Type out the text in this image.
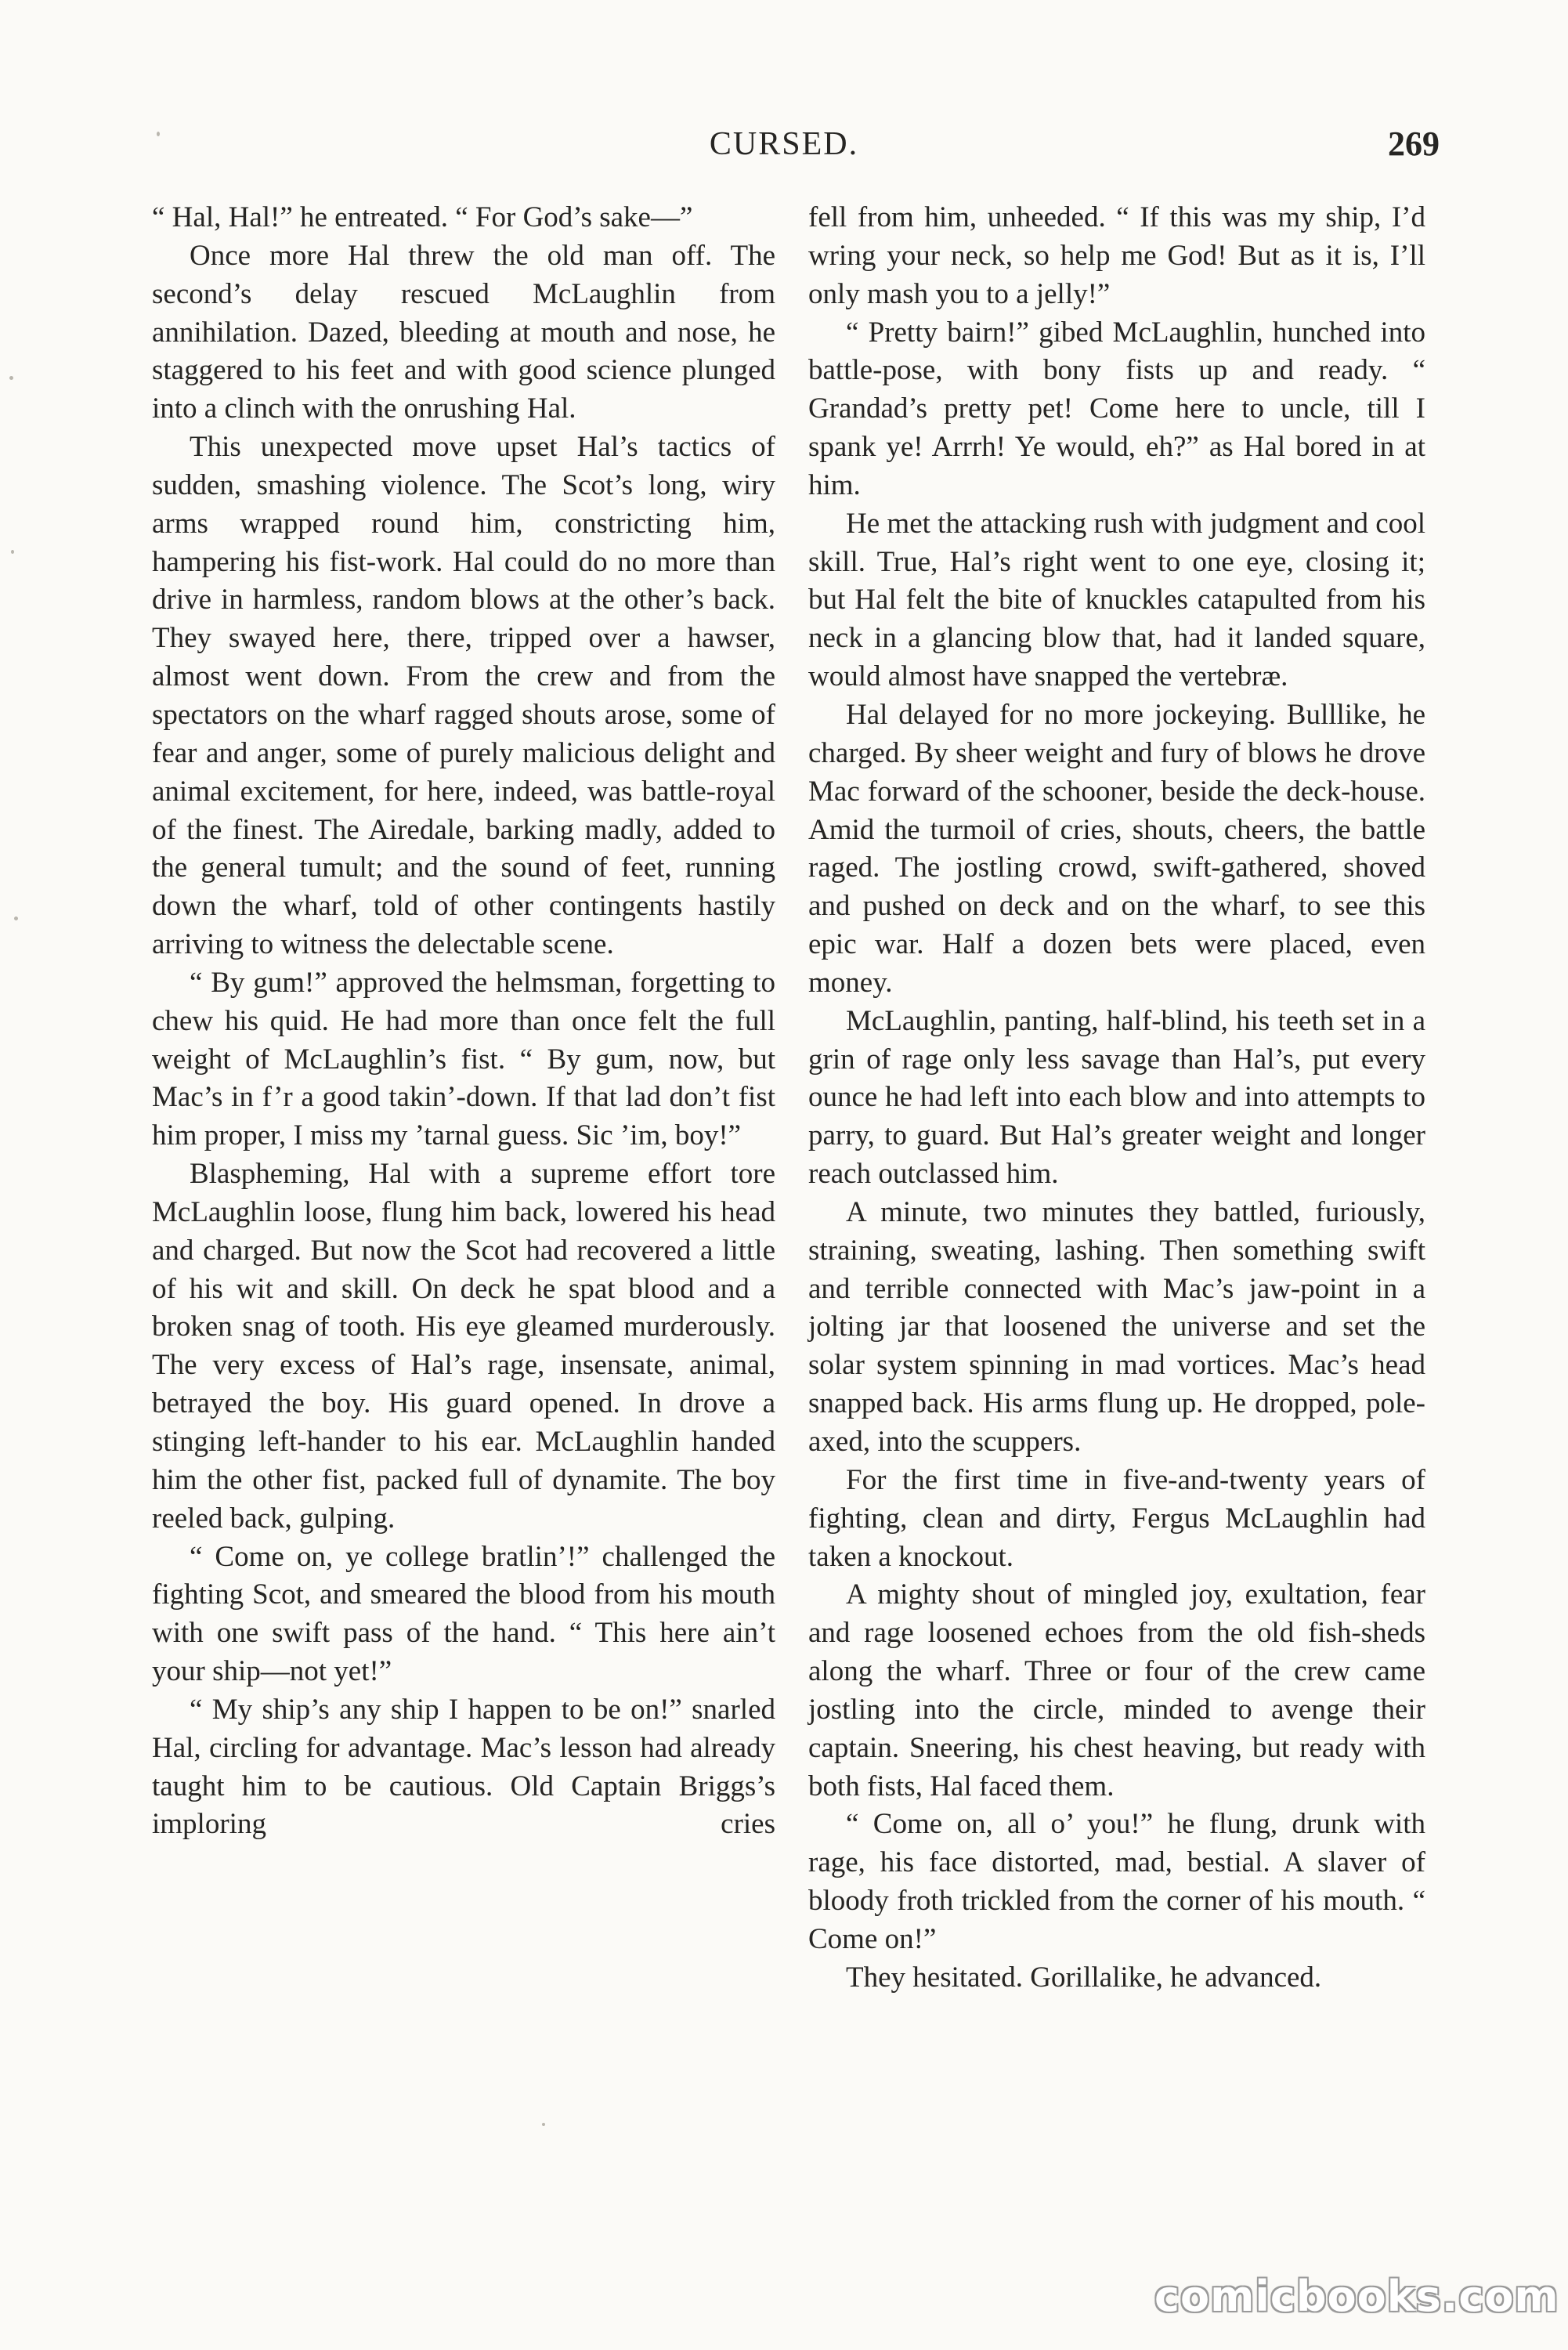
CURSED.	269

“ Hal, Hal!” he entreated. “ For God’s sake—”

Once more Hal threw the old man off. The second’s delay rescued McLaughlin from annihilation. Dazed, bleeding at mouth and nose, he staggered to his feet and with good science plunged into a clinch with the onrushing Hal.

This unexpected move upset Hal’s tactics of sudden, smashing violence. The Scot’s long, wiry arms wrapped round him, constricting him, hampering his fist-work. Hal could do no more than drive in harmless, random blows at the other’s back. They swayed here, there, tripped over a hawser, almost went down. From the crew and from the spectators on the wharf ragged shouts arose, some of fear and anger, some of purely malicious delight and animal excitement, for here, indeed, was battle-royal of the finest. The Airedale, barking madly, added to the general tumult; and the sound of feet, running down the wharf, told of other contingents hastily arriving to witness the delectable scene.

“ By gum!” approved the helmsman, forgetting to chew his quid. He had more than once felt the full weight of McLaughlin’s fist. “ By gum, now, but Mac’s in f’r a good takin’-down. If that lad don’t fist him proper, I miss my ’tarnal guess. Sic ’im, boy!”

Blaspheming, Hal with a supreme effort tore McLaughlin loose, flung him back, lowered his head and charged. But now the Scot had recovered a little of his wit and skill. On deck he spat blood and a broken snag of tooth. His eye gleamed murderously. The very excess of Hal’s rage, insensate, animal, betrayed the boy. His guard opened. In drove a stinging left-hander to his ear. McLaughlin handed him the other fist, packed full of dynamite. The boy reeled back, gulping.

“ Come on, ye college bratlin’!” challenged the fighting Scot, and smeared the blood from his mouth with one swift pass of the hand. “ This here ain’t your ship—not yet!”

“ My ship’s any ship I happen to be on!” snarled Hal, circling for advantage. Mac’s lesson had already taught him to be cautious. Old Captain Briggs’s imploring cries

fell from him, unheeded. “ If this was my ship, I’d wring your neck, so help me God! But as it is, I’ll only mash you to a jelly!”

“ Pretty bairn!” gibed McLaughlin, hunched into battle-pose, with bony fists up and ready. “ Grandad’s pretty pet! Come here to uncle, till I spank ye! Arrrh! Ye would, eh?” as Hal bored in at him.

He met the attacking rush with judgment and cool skill. True, Hal’s right went to one eye, closing it; but Hal felt the bite of knuckles catapulted from his neck in a glancing blow that, had it landed square, would almost have snapped the vertebræ.

Hal delayed for no more jockeying. Bulllike, he charged. By sheer weight and fury of blows he drove Mac forward of the schooner, beside the deck-house. Amid the turmoil of cries, shouts, cheers, the battle raged. The jostling crowd, swift-gathered, shoved and pushed on deck and on the wharf, to see this epic war. Half a dozen bets were placed, even money.

McLaughlin, panting, half-blind, his teeth set in a grin of rage only less savage than Hal’s, put every ounce he had left into each blow and into attempts to parry, to guard. But Hal’s greater weight and longer reach outclassed him.

A minute, two minutes they battled, furiously, straining, sweating, lashing. Then something swift and terrible connected with Mac’s jaw-point in a jolting jar that loosened the universe and set the solar system spinning in mad vortices. Mac’s head snapped back. His arms flung up. He dropped, pole-axed, into the scuppers.

For the first time in five-and-twenty years of fighting, clean and dirty, Fergus McLaughlin had taken a knockout.

A mighty shout of mingled joy, exultation, fear and rage loosened echoes from the old fish-sheds along the wharf. Three or four of the crew came jostling into the circle, minded to avenge their captain. Sneering, his chest heaving, but ready with both fists, Hal faced them.

“ Come on, all o’ you!” he flung, drunk with rage, his face distorted, mad, bestial. A slaver of bloody froth trickled from the corner of his mouth. “ Come on!”

They hesitated. Gorillalike, he advanced.

comicbooks.com
